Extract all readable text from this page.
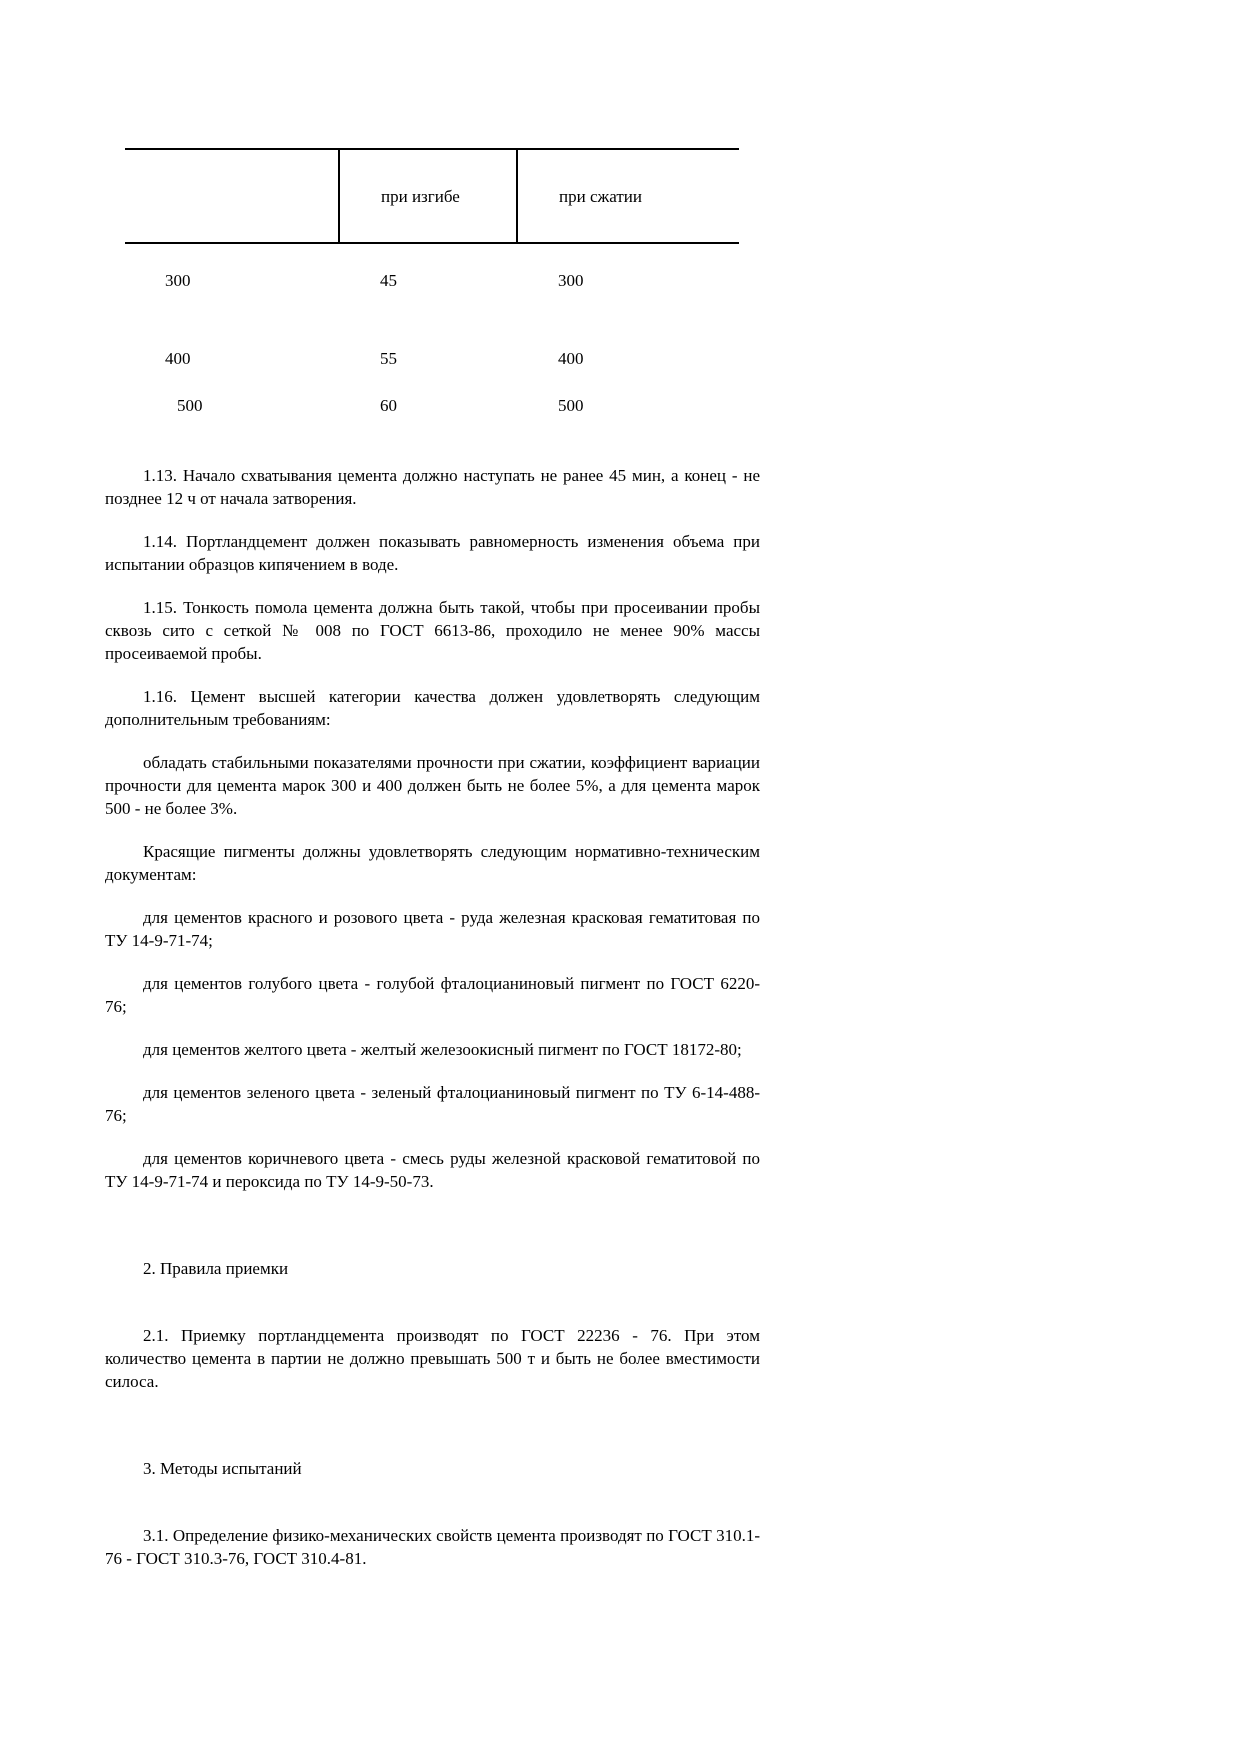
	при изгибе	при сжатии
300	45	300
400	55	400
500	60	500

1.13. Начало схватывания цемента должно наступать не ранее 45 мин, а конец - не позднее 12 ч от начала затворения.

1.14. Портландцемент должен показывать равномерность изменения объема при испытании образцов кипячением в воде.

1.15. Тонкость помола цемента должна быть такой, чтобы при просеивании пробы сквозь сито с сеткой № 008 по ГОСТ 6613-86, проходило не менее 90% массы просеиваемой пробы.

1.16. Цемент высшей категории качества должен удовлетворять следующим дополнительным требованиям:

обладать стабильными показателями прочности при сжатии, коэффициент вариации прочности для цемента марок 300 и 400 должен быть не более 5%, а для цемента марок 500 - не более 3%.

Красящие пигменты должны удовлетворять следующим нормативно-техническим документам:

для цементов красного и розового цвета - руда железная красковая гематитовая по ТУ 14-9-71-74;

для цементов голубого цвета - голубой фталоцианиновый пигмент по ГОСТ 6220-76;

для цементов желтого цвета - желтый железоокисный пигмент по ГОСТ 18172-80;

для цементов зеленого цвета - зеленый фталоцианиновый пигмент по ТУ 6-14-488-76;

для цементов коричневого цвета - смесь руды железной красковой гематитовой по ТУ 14-9-71-74 и пероксида по ТУ 14-9-50-73.

2. Правила приемки

2.1. Приемку портландцемента производят по ГОСТ 22236 - 76. При этом количество цемента в партии не должно превышать 500 т и быть не более вместимости силоса.

3. Методы испытаний

3.1. Определение физико-механических свойств цемента производят по ГОСТ 310.1-76 - ГОСТ 310.3-76, ГОСТ 310.4-81.
